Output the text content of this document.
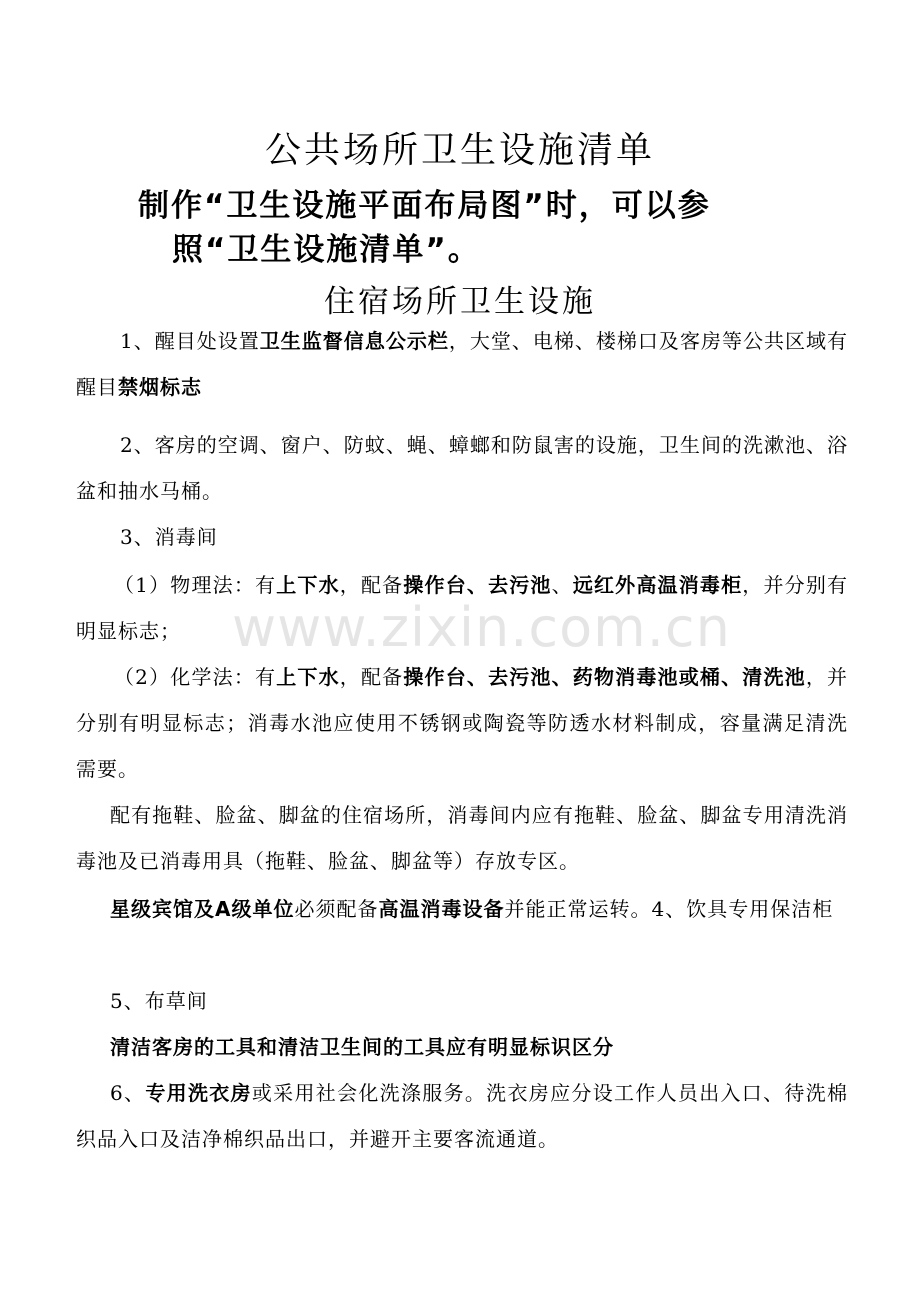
www.zixin.com.cn
公共场所卫生设施清单
制作“卫生设施平面布局图”时，可以参
照“卫生设施清单”。
住宿场所卫生设施

1、醒目处设置卫生监督信息公示栏，大堂、电梯、楼梯口及客房等公共区域有醒目禁烟标志

2、客房的空调、窗户、防蚊、蝇、蟑螂和防鼠害的设施，卫生间的洗漱池、浴盆和抽水马桶。

3、消毒间

（1）物理法：有上下水，配备操作台、去污池、远红外高温消毒柜，并分别有明显标志；

（2）化学法：有上下水，配备操作台、去污池、药物消毒池或桶、清洗池，并分别有明显标志；消毒水池应使用不锈钢或陶瓷等防透水材料制成，容量满足清洗需要。

配有拖鞋、脸盆、脚盆的住宿场所，消毒间内应有拖鞋、脸盆、脚盆专用清洗消毒池及已消毒用具（拖鞋、脸盆、脚盆等）存放专区。

星级宾馆及A级单位必须配备高温消毒设备并能正常运转。4、饮具专用保洁柜

5、布草间

清洁客房的工具和清洁卫生间的工具应有明显标识区分

6、专用洗衣房或采用社会化洗涤服务。洗衣房应分设工作人员出入口、待洗棉织品入口及洁净棉织品出口，并避开主要客流通道。
